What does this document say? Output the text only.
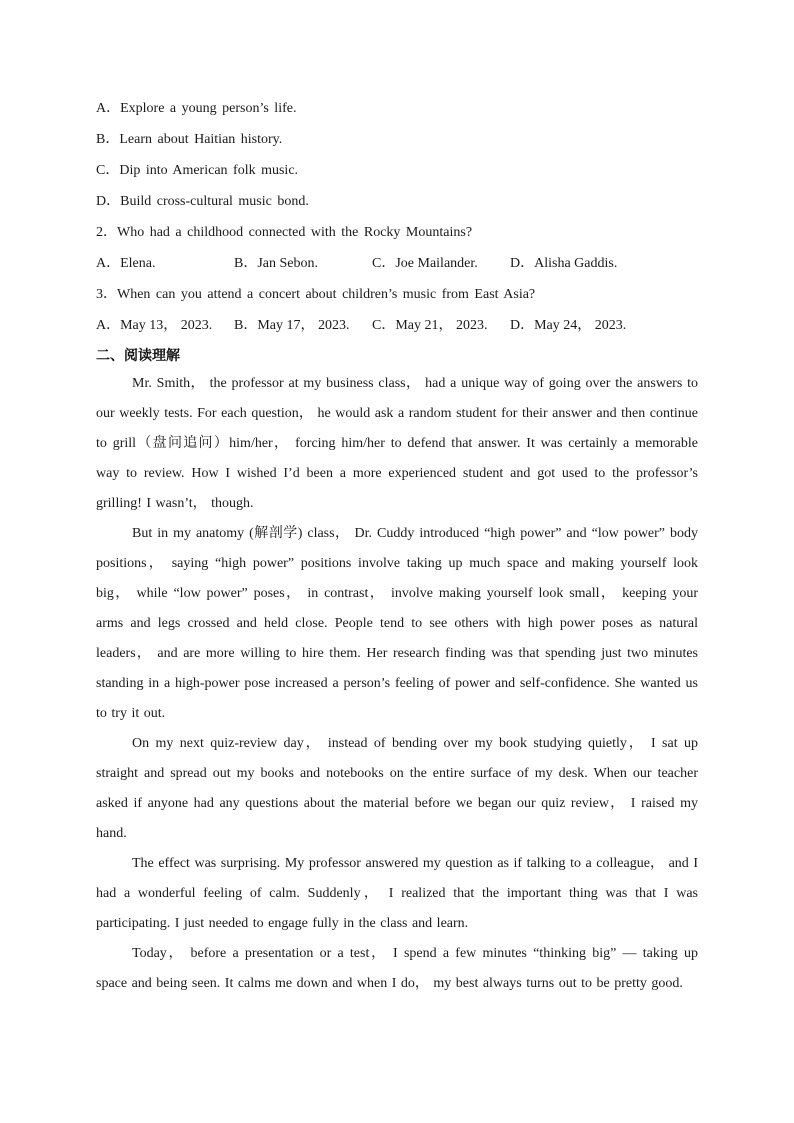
A．Explore a young person’s life.
B．Learn about Haitian history.
C．Dip into American folk music.
D．Build cross-cultural music bond.
2．Who had a childhood connected with the Rocky Mountains?
A．Elena.	B．Jan Sebon.	C．Joe Mailander.	D．Alisha Gaddis.
3．When can you attend a concert about children’s music from East Asia?
A．May 13， 2023.	B．May 17， 2023.	C．May 21， 2023.	D．May 24， 2023.
二、阅读理解

Mr. Smith， the professor at my business class， had a unique way of going over the answers to our weekly tests. For each question， he would ask a random student for their answer and then continue to grill（盘问追问）him/her， forcing him/her to defend that answer. It was certainly a memorable way to review. How I wished I’d been a more experienced student and got used to the professor’s grilling! I wasn’t， though.

But in my anatomy (解剖学) class， Dr. Cuddy introduced “high power” and “low power” body positions， saying “high power” positions involve taking up much space and making yourself look big， while “low power” poses， in contrast， involve making yourself look small， keeping your arms and legs crossed and held close. People tend to see others with high power poses as natural leaders， and are more willing to hire them. Her research finding was that spending just two minutes standing in a high-power pose increased a person’s feeling of power and self-confidence. She wanted us to try it out.

On my next quiz-review day， instead of bending over my book studying quietly， I sat up straight and spread out my books and notebooks on the entire surface of my desk. When our teacher asked if anyone had any questions about the material before we began our quiz review， I raised my hand.

The effect was surprising. My professor answered my question as if talking to a colleague， and I had a wonderful feeling of calm. Suddenly， I realized that the important thing was that I was participating. I just needed to engage fully in the class and learn.

Today， before a presentation or a test， I spend a few minutes “thinking big” — taking up space and being seen. It calms me down and when I do， my best always turns out to be pretty good.
